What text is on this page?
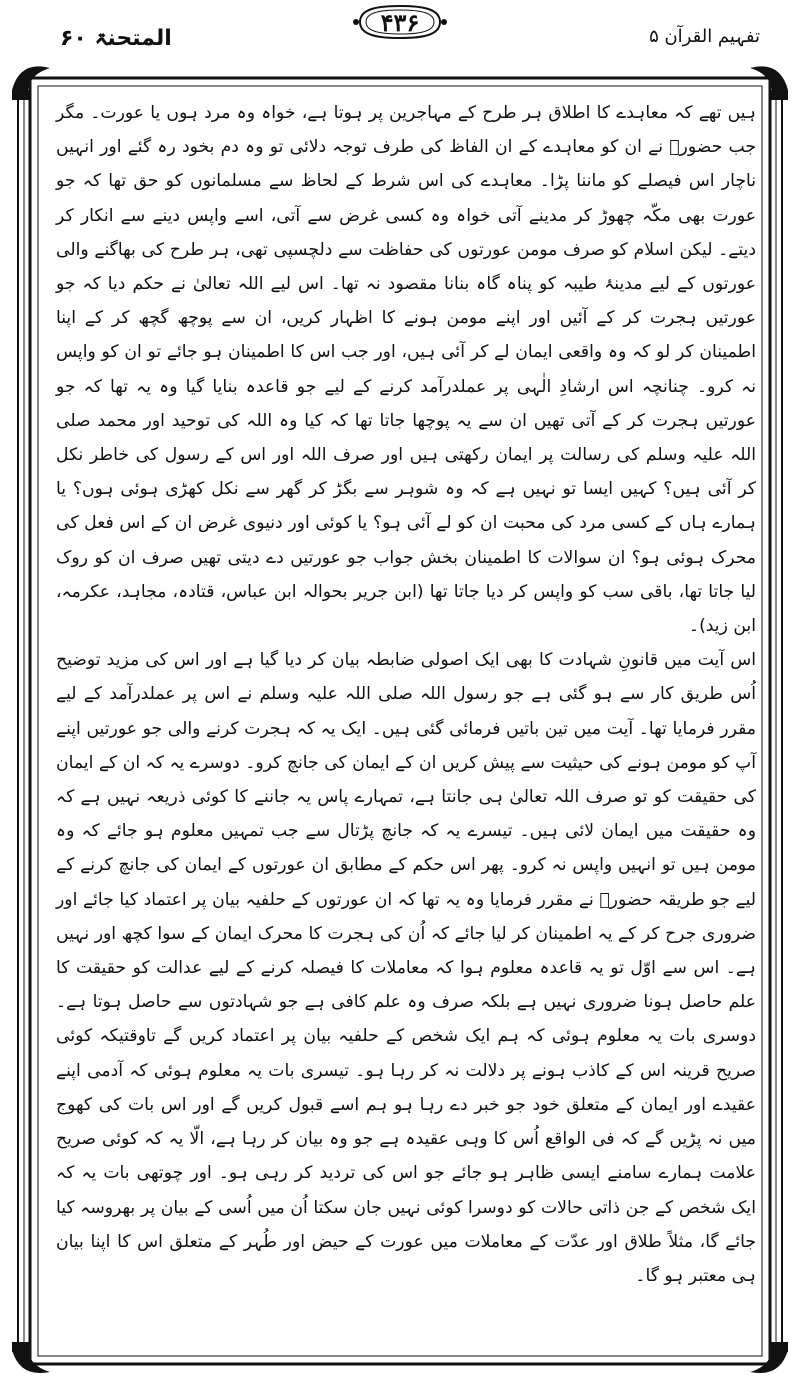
المتحنۃ ۶۰
۴۳۶	تفہیم القرآن ۵

ہیں تھے کہ معاہدے کا اطلاق ہر طرح کے مہاجرین پر ہوتا ہے، خواہ وہ مرد ہوں یا عورت۔ مگر جب حضورؐ نے ان کو معاہدے کے ان الفاظ کی طرف توجہ دلائی تو وہ دم بخود رہ گئے اور انہیں ناچار اس فیصلے کو ماننا پڑا۔ معاہدے کی اس شرط کے لحاظ سے مسلمانوں کو حق تھا کہ جو عورت بھی مکّہ چھوڑ کر مدینے آتی خواہ وہ کسی غرض سے آتی، اسے واپس دینے سے انکار کر دیتے۔ لیکن اسلام کو صرف مومن عورتوں کی حفاظت سے دلچسپی تھی، ہر طرح کی بھاگنے والی عورتوں کے لیے مدینۂ طیبہ کو پناہ گاہ بنانا مقصود نہ تھا۔ اس لیے اللہ تعالیٰ نے حکم دیا کہ جو عورتیں ہجرت کر کے آئیں اور اپنے مومن ہونے کا اظہار کریں، ان سے پوچھ گچھ کر کے اپنا اطمینان کر لو کہ وہ واقعی ایمان لے کر آئی ہیں، اور جب اس کا اطمینان ہو جائے تو ان کو واپس نہ کرو۔ چنانچہ اس ارشادِ الٰہی پر عملدرآمد کرنے کے لیے جو قاعدہ بنایا گیا وہ یہ تھا کہ جو عورتیں ہجرت کر کے آتی تھیں ان سے یہ پوچھا جاتا تھا کہ کیا وہ اللہ کی توحید اور محمد صلی اللہ علیہ وسلم کی رسالت پر ایمان رکھتی ہیں اور صرف اللہ اور اس کے رسول کی خاطر نکل کر آئی ہیں؟ کہیں ایسا تو نہیں ہے کہ وہ شوہر سے بگڑ کر گھر سے نکل کھڑی ہوئی ہوں؟ یا ہمارے ہاں کے کسی مرد کی محبت ان کو لے آئی ہو؟ یا کوئی اور دنیوی غرض ان کے اس فعل کی محرک ہوئی ہو؟ ان سوالات کا اطمینان بخش جواب جو عورتیں دے دیتی تھیں صرف ان کو روک لیا جاتا تھا، باقی سب کو واپس کر دیا جاتا تھا (ابن جریر بحوالہ ابن عباس، قتادہ، مجاہد، عکرمہ، ابن زید)۔

اس آیت میں قانونِ شہادت کا بھی ایک اصولی ضابطہ بیان کر دیا گیا ہے اور اس کی مزید توضیح اُس طریق کار سے ہو گئی ہے جو رسول اللہ صلی اللہ علیہ وسلم نے اس پر عملدرآمد کے لیے مقرر فرمایا تھا۔ آیت میں تین باتیں فرمائی گئی ہیں۔ ایک یہ کہ ہجرت کرنے والی جو عورتیں اپنے آپ کو مومن ہونے کی حیثیت سے پیش کریں ان کے ایمان کی جانچ کرو۔ دوسرے یہ کہ ان کے ایمان کی حقیقت کو تو صرف اللہ تعالیٰ ہی جانتا ہے، تمہارے پاس یہ جاننے کا کوئی ذریعہ نہیں ہے کہ وہ حقیقت میں ایمان لائی ہیں۔ تیسرے یہ کہ جانچ پڑتال سے جب تمہیں معلوم ہو جائے کہ وہ مومن ہیں تو انہیں واپس نہ کرو۔ پھر اس حکم کے مطابق ان عورتوں کے ایمان کی جانچ کرنے کے لیے جو طریقہ حضورؐ نے مقرر فرمایا وہ یہ تھا کہ ان عورتوں کے حلفیہ بیان پر اعتماد کیا جائے اور ضروری جرح کر کے یہ اطمینان کر لیا جائے کہ اُن کی ہجرت کا محرک ایمان کے سوا کچھ اور نہیں ہے۔ اس سے اوّل تو یہ قاعدہ معلوم ہوا کہ معاملات کا فیصلہ کرنے کے لیے عدالت کو حقیقت کا علم حاصل ہونا ضروری نہیں ہے بلکہ صرف وہ علم کافی ہے جو شہادتوں سے حاصل ہوتا ہے۔ دوسری بات یہ معلوم ہوئی کہ ہم ایک شخص کے حلفیہ بیان پر اعتماد کریں گے تاوقتیکہ کوئی صریح قرینہ اس کے کاذب ہونے پر دلالت نہ کر رہا ہو۔ تیسری بات یہ معلوم ہوئی کہ آدمی اپنے عقیدے اور ایمان کے متعلق خود جو خبر دے رہا ہو ہم اسے قبول کریں گے اور اس بات کی کھوج میں نہ پڑیں گے کہ فی الواقع اُس کا وہی عقیدہ ہے جو وہ بیان کر رہا ہے، الّا یہ کہ کوئی صریح علامت ہمارے سامنے ایسی ظاہر ہو جائے جو اس کی تردید کر رہی ہو۔ اور چوتھی بات یہ کہ ایک شخص کے جن ذاتی حالات کو دوسرا کوئی نہیں جان سکتا اُن میں اُسی کے بیان پر بھروسہ کیا جائے گا، مثلاً طلاق اور عدّت کے معاملات میں عورت کے حیض اور طُہر کے متعلق اس کا اپنا بیان ہی معتبر ہو گا۔
